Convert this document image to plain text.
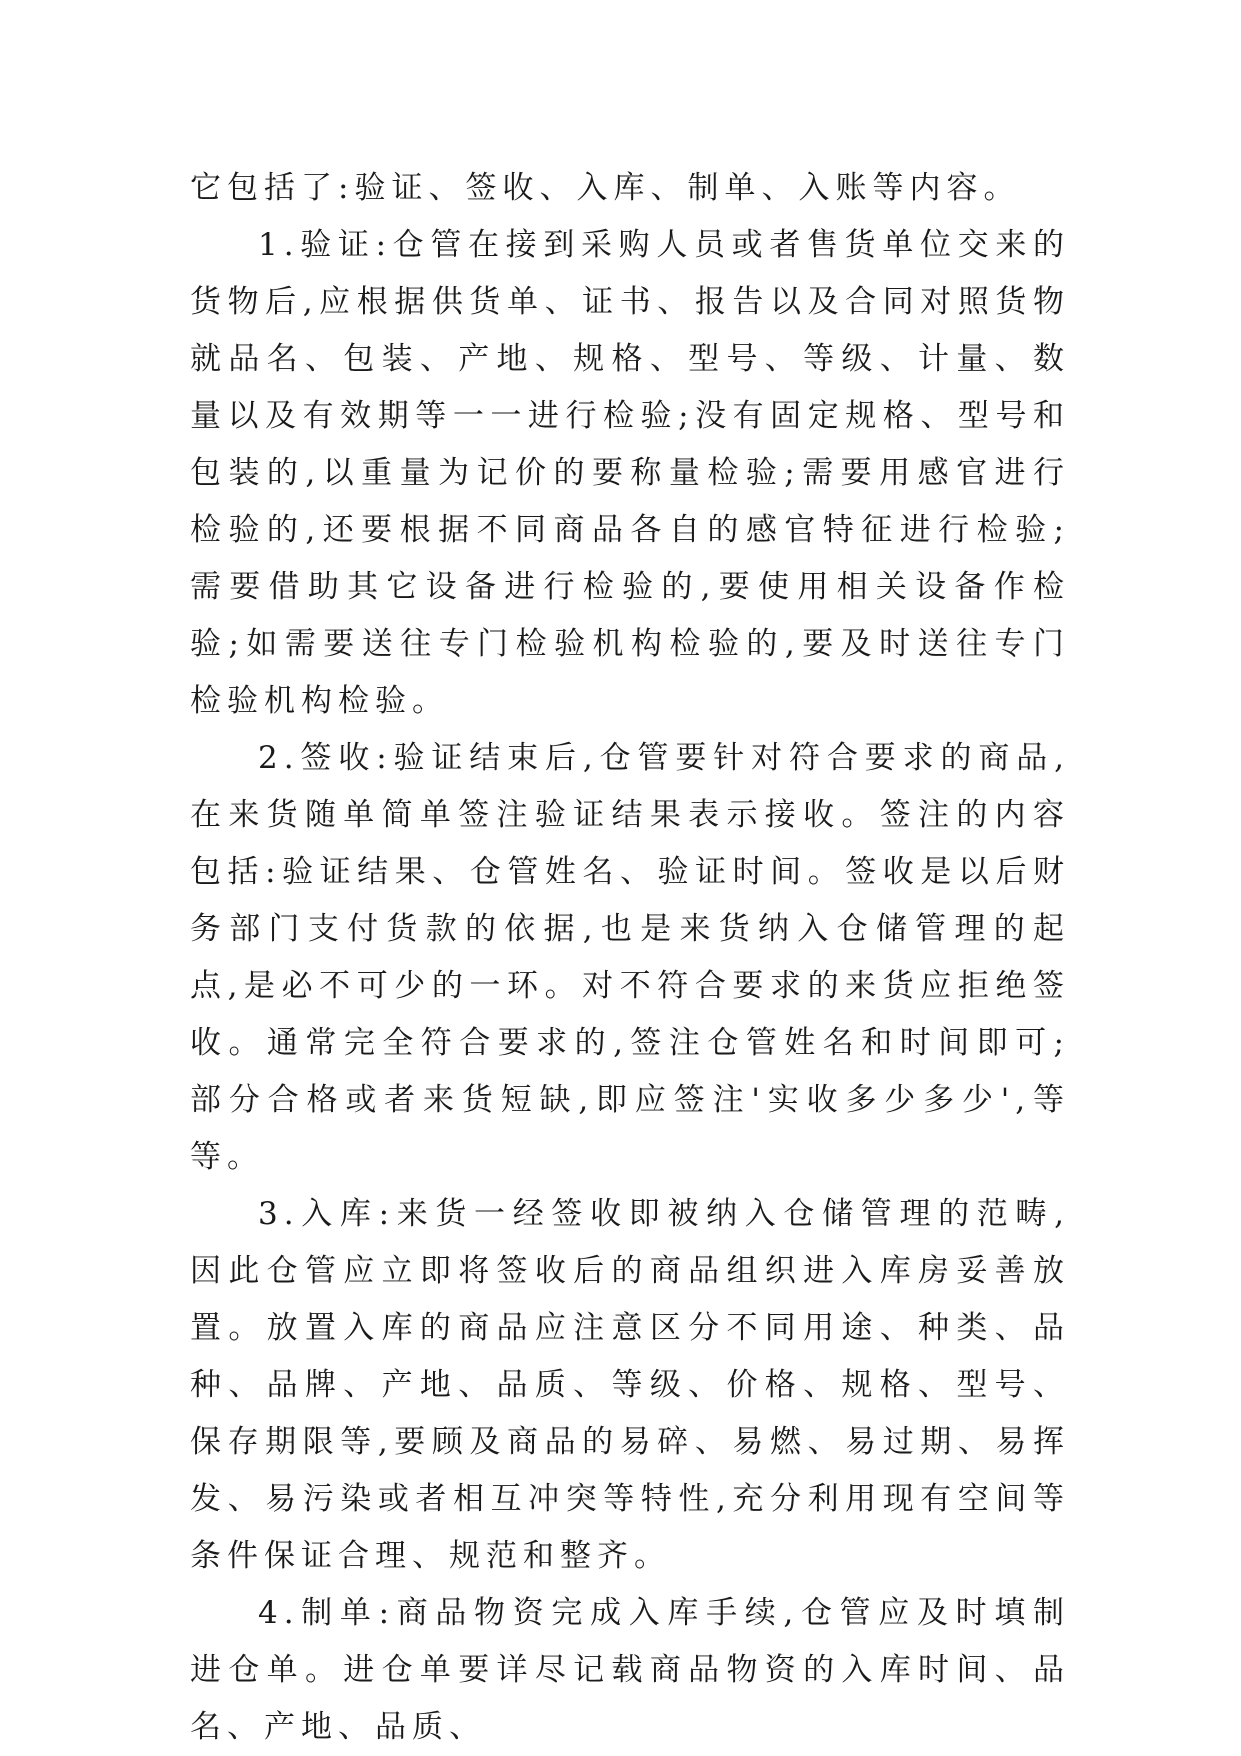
它包括了:验证、签收、入库、制单、入账等内容。

1.验证:仓管在接到采购人员或者售货单位交来的货物后,应根据供货单、证书、报告以及合同对照货物就品名、包装、产地、规格、型号、等级、计量、数量以及有效期等一一进行检验;没有固定规格、型号和包装的,以重量为记价的要称量检验;需要用感官进行检验的,还要根据不同商品各自的感官特征进行检验;需要借助其它设备进行检验的,要使用相关设备作检验;如需要送往专门检验机构检验的,要及时送往专门检验机构检验。

2.签收:验证结束后,仓管要针对符合要求的商品,在来货随单简单签注验证结果表示接收。签注的内容包括:验证结果、仓管姓名、验证时间。签收是以后财务部门支付货款的依据,也是来货纳入仓储管理的起点,是必不可少的一环。对不符合要求的来货应拒绝签收。通常完全符合要求的,签注仓管姓名和时间即可;部分合格或者来货短缺,即应签注'实收多少多少',等等。

3.入库:来货一经签收即被纳入仓储管理的范畴,因此仓管应立即将签收后的商品组织进入库房妥善放置。放置入库的商品应注意区分不同用途、种类、品种、品牌、产地、品质、等级、价格、规格、型号、保存期限等,要顾及商品的易碎、易燃、易过期、易挥发、易污染或者相互冲突等特性,充分利用现有空间等条件保证合理、规范和整齐。

4.制单:商品物资完成入库手续,仓管应及时填制进仓单。进仓单要详尽记载商品物资的入库时间、品名、产地、品质、
